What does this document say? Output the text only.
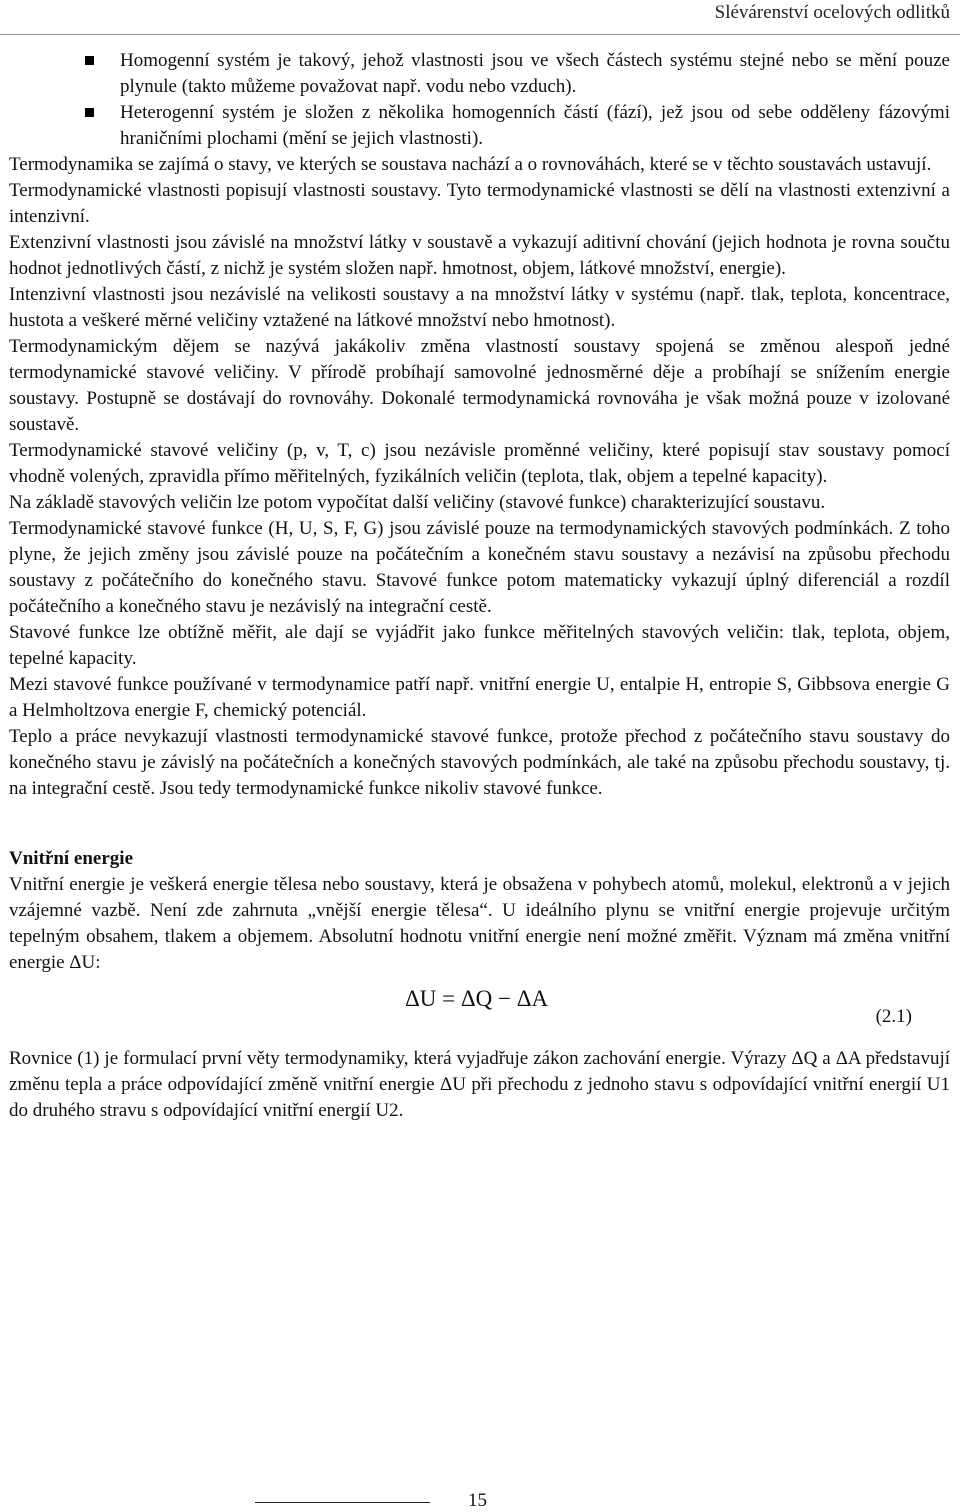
Slévárenství ocelových odlitků
Homogenní systém je takový, jehož vlastnosti jsou ve všech částech systému stejné nebo se mění pouze plynule (takto můžeme považovat např. vodu nebo vzduch).
Heterogenní systém je složen z několika homogenních částí (fází), jež jsou od sebe odděleny fázovými hraničními plochami (mění se jejich vlastnosti).

Termodynamika se zajímá o stavy, ve kterých se soustava nachází a o rovnováhách, které se v těchto soustavách ustavují.

Termodynamické vlastnosti popisují vlastnosti soustavy. Tyto termodynamické vlastnosti se dělí na vlastnosti extenzivní a intenzivní.

Extenzivní vlastnosti jsou závislé na množství látky v soustavě a vykazují aditivní chování (jejich hodnota je rovna součtu hodnot jednotlivých částí, z nichž je systém složen např. hmotnost, objem, látkové množství, energie).

Intenzivní vlastnosti jsou nezávislé na velikosti soustavy a na množství látky v systému (např. tlak, teplota, koncentrace, hustota a veškeré měrné veličiny vztažené na látkové množství nebo hmotnost).

Termodynamickým dějem se nazývá jakákoliv změna vlastností soustavy spojená se změnou alespoň jedné termodynamické stavové veličiny. V přírodě probíhají samovolné jednosměrné děje a probíhají se snížením energie soustavy. Postupně se dostávají do rovnováhy. Dokonalé termodynamická rovnováha je však možná pouze v izolované soustavě.

Termodynamické stavové veličiny (p, v, T, c) jsou nezávisle proměnné veličiny, které popisují stav soustavy pomocí vhodně volených, zpravidla přímo měřitelných, fyzikálních veličin (teplota, tlak, objem a tepelné kapacity).

Na základě stavových veličin lze potom vypočítat další veličiny (stavové funkce) charakterizující soustavu.

Termodynamické stavové funkce (H, U, S, F, G) jsou závislé pouze na termodynamických stavových podmínkách. Z toho plyne, že jejich změny jsou závislé pouze na počátečním a konečném stavu soustavy a nezávisí na způsobu přechodu soustavy z počátečního do konečného stavu. Stavové funkce potom matematicky vykazují úplný diferenciál a rozdíl počátečního a konečného stavu je nezávislý na integrační cestě.

Stavové funkce lze obtížně měřit, ale dají se vyjádřit jako funkce měřitelných stavových veličin: tlak, teplota, objem, tepelné kapacity.

Mezi stavové funkce používané v termodynamice patří např. vnitřní energie U, entalpie H, entropie S, Gibbsova energie G a Helmholtzova energie F, chemický potenciál.

Teplo a práce nevykazují vlastnosti termodynamické stavové funkce, protože přechod z počátečního stavu soustavy do konečného stavu je závislý na počátečních a konečných stavových podmínkách, ale také na způsobu přechodu soustavy, tj. na integrační cestě. Jsou tedy termodynamické funkce nikoliv stavové funkce.

Vnitřní energie

Vnitřní energie je veškerá energie tělesa nebo soustavy, která je obsažena v pohybech atomů, molekul, elektronů a v jejich vzájemné vazbě. Není zde zahrnuta „vnější energie tělesa“. U ideálního plynu se vnitřní energie projevuje určitým tepelným obsahem, tlakem a objemem. Absolutní hodnotu vnitřní energie není možné změřit. Význam má změna vnitřní energie ΔU:

ΔU = ΔQ − ΔA
(2.1)

Rovnice (1) je formulací první věty termodynamiky, která vyjadřuje zákon zachování energie. Výrazy ΔQ a ΔA představují změnu tepla a práce odpovídající změně vnitřní energie ΔU při přechodu z jednoho stavu s odpovídající vnitřní energií U1 do druhého stravu s odpovídající vnitřní energií U2.

15
